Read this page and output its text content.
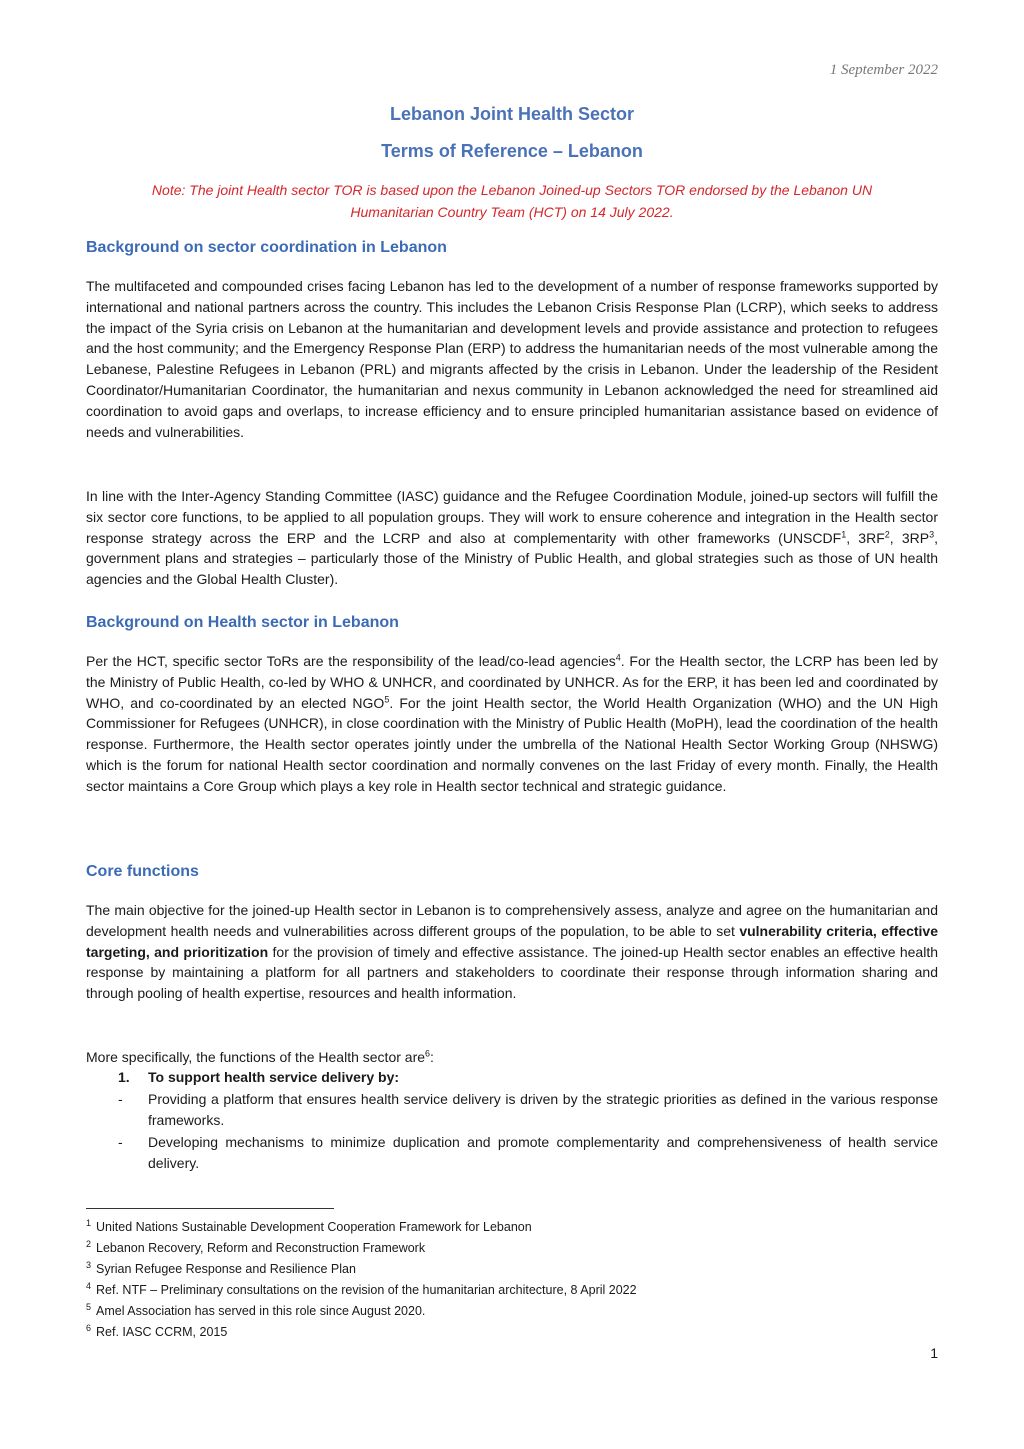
1 September 2022
Lebanon Joint Health Sector
Terms of Reference – Lebanon
Note: The joint Health sector TOR is based upon the Lebanon Joined-up Sectors TOR endorsed by the Lebanon UN Humanitarian Country Team (HCT) on 14 July 2022.
Background on sector coordination in Lebanon

The multifaceted and compounded crises facing Lebanon has led to the development of a number of response frameworks supported by international and national partners across the country. This includes the Lebanon Crisis Response Plan (LCRP), which seeks to address the impact of the Syria crisis on Lebanon at the humanitarian and development levels and provide assistance and protection to refugees and the host community; and the Emergency Response Plan (ERP) to address the humanitarian needs of the most vulnerable among the Lebanese, Palestine Refugees in Lebanon (PRL) and migrants affected by the crisis in Lebanon. Under the leadership of the Resident Coordinator/Humanitarian Coordinator, the humanitarian and nexus community in Lebanon acknowledged the need for streamlined aid coordination to avoid gaps and overlaps, to increase efficiency and to ensure principled humanitarian assistance based on evidence of needs and vulnerabilities.

In line with the Inter-Agency Standing Committee (IASC) guidance and the Refugee Coordination Module, joined-up sectors will fulfill the six sector core functions, to be applied to all population groups. They will work to ensure coherence and integration in the Health sector response strategy across the ERP and the LCRP and also at complementarity with other frameworks (UNSCDF$^1$, $3RF^2$, $3RP^3$, government plans and strategies – particularly those of the Ministry of Public Health, and global strategies such as those of UN health agencies and the Global Health Cluster).

Background on Health sector in Lebanon

Per the HCT, specific sector ToRs are the responsibility of the lead/co-lead agencies$^4$. For the Health sector, the LCRP has been led by the Ministry of Public Health, co-led by WHO & UNHCR, and coordinated by UNHCR. As for the ERP, it has been led and coordinated by WHO, and co-coordinated by an elected NGO$^5$. For the joint Health sector, the World Health Organization (WHO) and the UN High Commissioner for Refugees (UNHCR), in close coordination with the Ministry of Public Health (MoPH), lead the coordination of the health response. Furthermore, the Health sector operates jointly under the umbrella of the National Health Sector Working Group (NHSWG) which is the forum for national Health sector coordination and normally convenes on the last Friday of every month. Finally, the Health sector maintains a Core Group which plays a key role in Health sector technical and strategic guidance.

Core functions

The main objective for the joined-up Health sector in Lebanon is to comprehensively assess, analyze and agree on the humanitarian and development health needs and vulnerabilities across different groups of the population, to be able to set vulnerability criteria, effective targeting, and prioritization for the provision of timely and effective assistance. The joined-up Health sector enables an effective health response by maintaining a platform for all partners and stakeholders to coordinate their response through information sharing and through pooling of health expertise, resources and health information.

More specifically, the functions of the Health sector are$^6$:

1. To support health service delivery by:
- Providing a platform that ensures health service delivery is driven by the strategic priorities as defined in the various response frameworks.
- Developing mechanisms to minimize duplication and promote complementarity and comprehensiveness of health service delivery.
$^1$ United Nations Sustainable Development Cooperation Framework for Lebanon
$^2$ Lebanon Recovery, Reform and Reconstruction Framework
$^3$ Syrian Refugee Response and Resilience Plan
$^4$ Ref. NTF – Preliminary consultations on the revision of the humanitarian architecture, 8 April 2022
$^5$ Amel Association has served in this role since August 2020.
$^6$ Ref. IASC CCRM, 2015
1
